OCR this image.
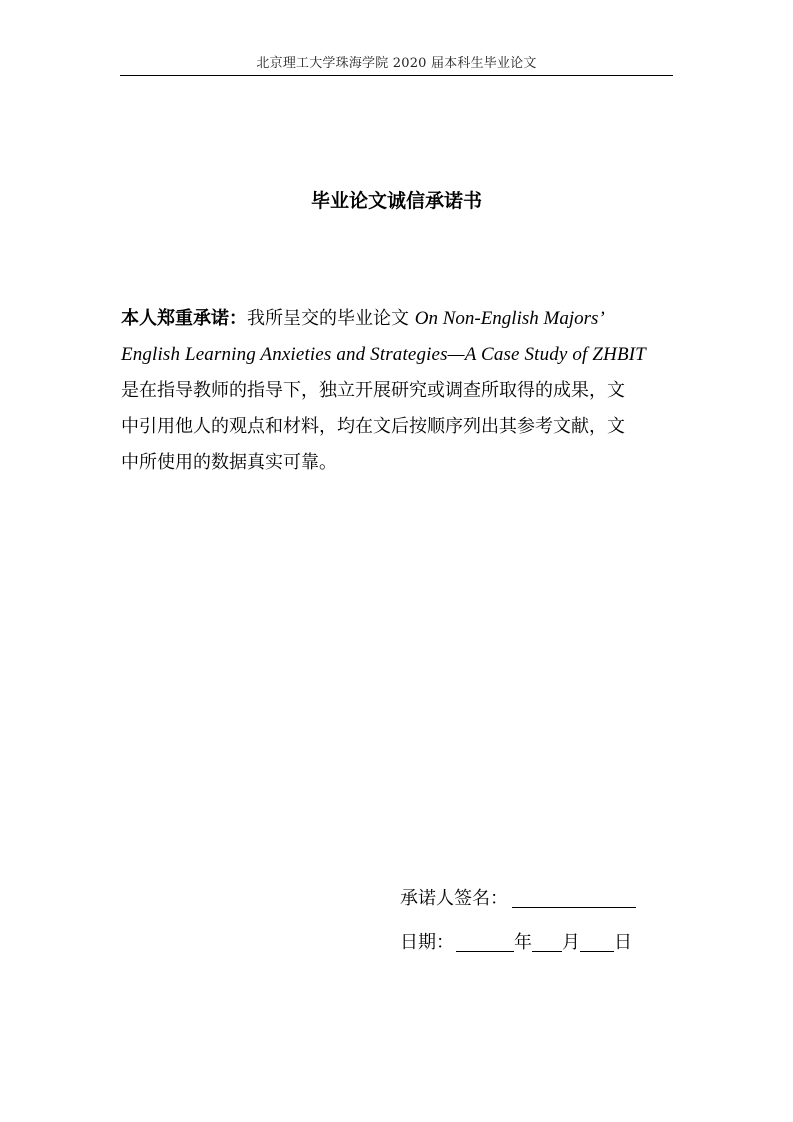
北京理工大学珠海学院 2020 届本科生毕业论文
毕业论文诚信承诺书
本人郑重承诺：我所呈交的毕业论文 On Non-English Majors’
English Learning Anxieties and Strategies—A Case Study of ZHBIT
是在指导教师的指导下，独立开展研究或调查所取得的成果，文
中引用他人的观点和材料，均在文后按顺序列出其参考文献，文
中所使用的数据真实可靠。
承诺人签名：
日期：	年 月 日
